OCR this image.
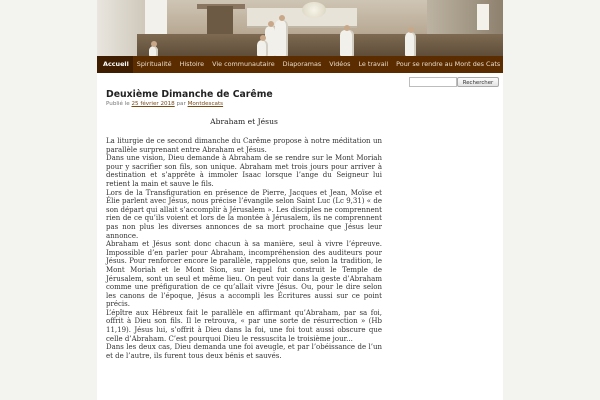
Accueil	Spiritualité	Histoire	Vie communautaire	Diaporamas	Vidéos	Le travail	Pour se rendre au Mont des Cats
Rechercher
Deuxième Dimanche de Carême
Publié le 25 février 2018 par Montdescats
Abraham et Jésus

La liturgie de ce second dimanche du Carême propose à notre méditation un parallèle surprenant entre Abraham et Jésus.

Dans une vision, Dieu demande à Abraham de se rendre sur le Mont Moriah pour y sacrifier son fils, son unique. Abraham met trois jours pour arriver à destination et s’apprête à immoler Isaac lorsque l’ange du Seigneur lui retient la main et sauve le fils.

Lors de la Transfiguration en présence de Pierre, Jacques et Jean, Moïse et Élie parlent avec Jésus, nous précise l’évangile selon Saint Luc (Lc 9,31) « de son départ qui allait s’accomplir à Jérusalem ». Les disciples ne comprennent rien de ce qu’ils voient et lors de la montée à Jérusalem, ils ne comprennent pas non plus les diverses annonces de sa mort prochaine que Jésus leur annonce.

Abraham et Jésus sont donc chacun à sa manière, seul à vivre l’épreuve. Impossible d’en parler pour Abraham, incompréhension des auditeurs pour Jésus. Pour renforcer encore le parallèle, rappelons que, selon la tradition, le Mont Moriah et le Mont Sion, sur lequel fut construit le Temple de Jérusalem, sont un seul et même lieu. On peut voir dans la geste d’Abraham comme une préfiguration de ce qu’allait vivre Jésus. Ou, pour le dire selon les canons de l’époque, Jésus a accompli les Écritures aussi sur ce point précis.

L’épître aux Hébreux fait le parallèle en affirmant qu’Abraham, par sa foi, offrit à Dieu son fils. Il le retrouva, « par une sorte de résurrection » (Hb 11,19). Jésus lui, s’offrit à Dieu dans la foi, une foi tout aussi obscure que celle d’Abraham. C’est pourquoi Dieu le ressuscita le troisième jour...

Dans les deux cas, Dieu demanda une foi aveugle, et par l’obéissance de l’un et de l’autre, ils furent tous deux bénis et sauvés.
